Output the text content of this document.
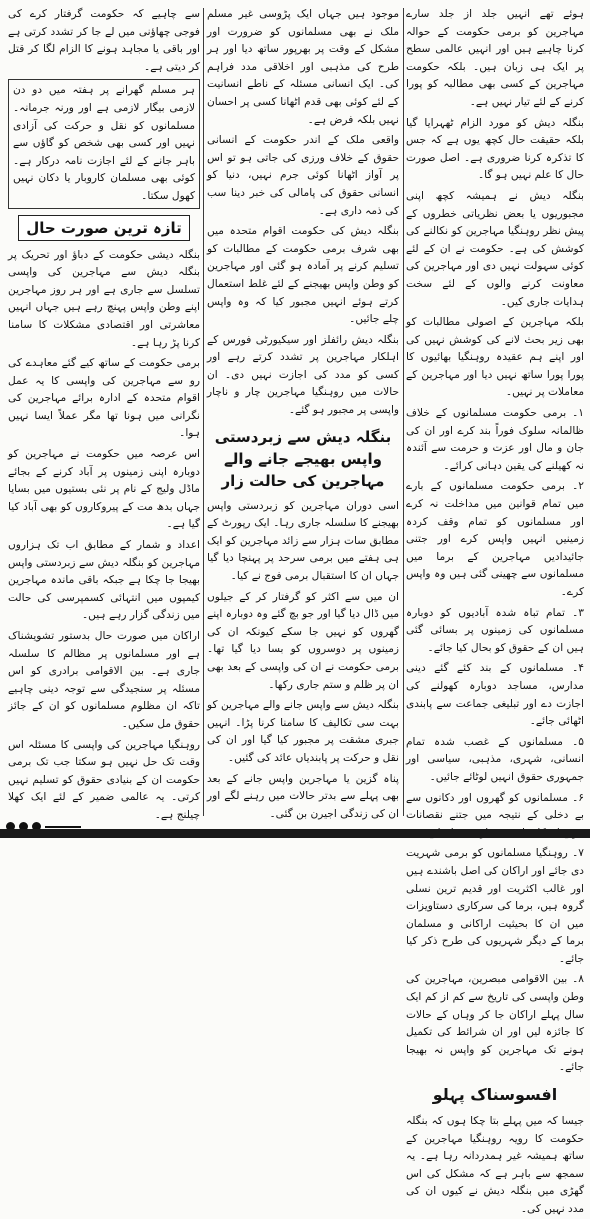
ہوئے تھے انہیں جلد از جلد سارے مہاجرین کو برمی حکومت کے حوالہ کرنا چاہیے ہیں اور انہیں عالمی سطح پر ایک ہی زبان ہیں۔ بلکہ حکومت مہاجرین کے کسی بھی مطالبہ کو پورا کرنے کے لئے تیار نہیں ہے۔

بنگلہ دیش کو مورد الزام ٹھہرایا گیا بلکہ حقیقت حال کچھ یوں ہے کہ جس کا تذکرہ کرنا ضروری ہے۔ اصل صورت حال کا علم نہیں ہو گا۔

بنگلہ دیش نے ہمیشہ کچھ اپنی مجبوریوں یا بعض نظریاتی خطروں کے پیش نظر روہنگیا مہاجرین کو نکالنے کی کوشش کی ہے۔ حکومت نے ان کے لئے کوئی سہولت نہیں دی اور مہاجرین کی معاونت کرنے والوں کے لئے سخت ہدایات جاری کیں۔

بلکہ مہاجرین کے اصولی مطالبات کو بھی زیر بحث لانے کی کوشش نہیں کی اور اپنے ہم عقیدہ روہنگیا بھائیوں کا پورا پورا ساتھ نہیں دیا اور مہاجرین کے معاملات پر نہیں۔

۱۔ برمی حکومت مسلمانوں کے خلاف ظالمانہ سلوک فوراً بند کرے اور ان کی جان و مال اور عزت و حرمت سے آئندہ نہ کھیلنے کی یقین دہانی کرائے۔

۲۔ برمی حکومت مسلمانوں کے بارے میں تمام قوانین میں مداخلت نہ کرے اور مسلمانوں کو تمام وقف کردہ زمینیں انہیں واپس کرے اور جتنی جائیدادیں مہاجرین کے برما میں مسلمانوں سے چھینی گئی ہیں وہ واپس کرے۔

۳۔ تمام تباہ شدہ آبادیوں کو دوبارہ مسلمانوں کی زمینوں پر بسائی گئی ہیں ان کے حقوق کو بحال کیا جائے۔

۴۔ مسلمانوں کے بند کئے گئے دینی مدارس، مساجد دوبارہ کھولنے کی اجازت دے اور تبلیغی جماعت سے پابندی اٹھائی جائے۔

۵۔ مسلمانوں کے غصب شدہ تمام انسانی، شہری، مذہبی، سیاسی اور جمہوری حقوق انہیں لوٹائے جائیں۔

۶۔ مسلمانوں کو گھروں اور دکانوں سے بے دخلی کے نتیجہ میں جتنے نقصانات

۷۔ روہنگیا مسلمانوں کو برمی شہریت دی جائے اور اراکان کی اصل باشندے ہیں اور غالب اکثریت اور قدیم ترین نسلی گروہ ہیں، برما کی سرکاری دستاویزات میں ان کا بحیثیت اراکانی و مسلمان برما کے دیگر شہریوں کی طرح ذکر کیا جائے۔

۸۔ بین الاقوامی مبصرین، مہاجرین کی وطن واپسی کی تاریخ سے کم از کم ایک سال پہلے اراکان جا کر وہاں کے حالات کا جائزہ لیں اور ان شرائط کی تکمیل ہونے تک مہاجرین کو واپس نہ بھیجا جائے۔

افسوسناک پہلو

جیسا کہ میں پہلے بتا چکا ہوں کہ بنگلہ حکومت کا رویہ روہنگیا مہاجرین کے ساتھ ہمیشہ غیر ہمدردانہ رہا ہے۔ یہ سمجھ سے باہر ہے کہ مشکل کی اس گھڑی میں بنگلہ دیش نے کیوں ان کی مدد نہیں کی۔

موجود ہیں جہاں ایک پڑوسی غیر مسلم ملک نے بھی مسلمانوں کو ضرورت اور مشکل کے وقت پر بھرپور ساتھ دیا اور ہر طرح کی مذہبی اور اخلاقی مدد فراہم کی۔ ایک انسانی مسئلہ کے ناطے انسانیت کے لئے کوئی بھی قدم اٹھانا کسی پر احسان نہیں بلکہ فرض ہے۔

واقعی ملک کے اندر حکومت کے انسانی حقوق کے خلاف ورزی کی جاتی ہو تو اس پر آواز اٹھانا کوئی جرم نہیں، دنیا کو انسانی حقوق کی پامالی کی خبر دینا سب کی ذمہ داری ہے۔

بنگلہ دیش کی حکومت اقوام متحدہ میں بھی شرف برمی حکومت کے مطالبات کو تسلیم کرنے پر آمادہ ہو گئی اور مہاجرین کو وطن واپس بھیجنے کے لئے غلط استعمال کرتے ہوئے انہیں مجبور کیا کہ وہ واپس چلے جائیں۔

بنگلہ دیش رائفلز اور سیکیورٹی فورس کے اہلکار مہاجرین پر تشدد کرتے رہے اور کسی کو مدد کی اجازت نہیں دی۔ ان حالات میں روہنگیا مہاجرین چار و ناچار واپسی پر مجبور ہو گئے۔

بنگلہ دیش سے زبردستی واپس بھیجے جانے والے مہاجرین کی حالت زار

اسی دوران مہاجرین کو زبردستی واپس بھیجنے کا سلسلہ جاری رہا۔ ایک رپورٹ کے مطابق سات ہزار سے زائد مہاجرین کو ایک ہی ہفتے میں برمی سرحد پر پہنچا دیا گیا جہاں ان کا استقبال برمی فوج نے کیا۔

ان میں سے اکثر کو گرفتار کر کے جیلوں میں ڈال دیا گیا اور جو بچ گئے وہ دوبارہ اپنے گھروں کو نہیں جا سکے کیونکہ ان کی زمینوں پر دوسروں کو بسا دیا گیا تھا۔ برمی حکومت نے ان کی واپسی کے بعد بھی ان پر ظلم و ستم جاری رکھا۔

بنگلہ دیش سے واپس جانے والے مہاجرین کو بہت سی تکالیف کا سامنا کرنا پڑا۔ انہیں جبری مشقت پر مجبور کیا گیا اور ان کی نقل و حرکت پر پابندیاں عائد کی گئیں۔

پناہ گزین یا مہاجرین واپس جانے کے بعد بھی پہلے سے بدتر حالات میں رہنے لگے اور ان کی زندگی اجیرن بن گئی۔

سے چاہیے کہ حکومت گرفتار کرے کی فوجی چھاؤنی میں لے جا کر تشدد کرتی ہے اور باقی یا مجاہد ہونے کا الزام لگا کر قتل کر دیتی ہے۔

ہر مسلم گھرانے پر ہفتہ میں دو دن لازمی بیگار لازمی ہے اور ورنہ جرمانہ۔ مسلمانوں کو نقل و حرکت کی آزادی نہیں اور کسی بھی شخص کو گاؤں سے باہر جانے کے لئے اجازت نامہ درکار ہے۔ کوئی بھی مسلمان کاروبار یا دکان نہیں کھول سکتا۔
تازہ ترین صورت حال

بنگلہ دیشی حکومت کے دباؤ اور تحریک پر بنگلہ دیش سے مہاجرین کی واپسی تسلسل سے جاری ہے اور ہر روز مہاجرین اپنے وطن واپس پہنچ رہے ہیں جہاں انہیں معاشرتی اور اقتصادی مشکلات کا سامنا کرنا پڑ رہا ہے۔

برمی حکومت کے ساتھ کیے گئے معاہدے کی رو سے مہاجرین کی واپسی کا یہ عمل اقوام متحدہ کے ادارہ برائے مہاجرین کی نگرانی میں ہونا تھا مگر عملاً ایسا نہیں ہوا۔

اس عرصہ میں حکومت نے مہاجرین کو دوبارہ اپنی زمینوں پر آباد کرنے کے بجائے ماڈل ولیج کے نام پر نئی بستیوں میں بسایا جہاں بدھ مت کے پیروکاروں کو بھی آباد کیا گیا ہے۔

اعداد و شمار کے مطابق اب تک ہزاروں مہاجرین کو بنگلہ دیش سے زبردستی واپس بھیجا جا چکا ہے جبکہ باقی ماندہ مہاجرین کیمپوں میں انتہائی کسمپرسی کی حالت میں زندگی گزار رہے ہیں۔

اراکان میں صورت حال بدستور تشویشناک ہے اور مسلمانوں پر مظالم کا سلسلہ جاری ہے۔ بین الاقوامی برادری کو اس مسئلہ پر سنجیدگی سے توجہ دینی چاہیے تاکہ ان مظلوم مسلمانوں کو ان کے جائز حقوق مل سکیں۔

روہنگیا مہاجرین کی واپسی کا مسئلہ اس وقت تک حل نہیں ہو سکتا جب تک برمی حکومت ان کے بنیادی حقوق کو تسلیم نہیں کرتی۔ یہ عالمی ضمیر کے لئے ایک کھلا چیلنج ہے۔
